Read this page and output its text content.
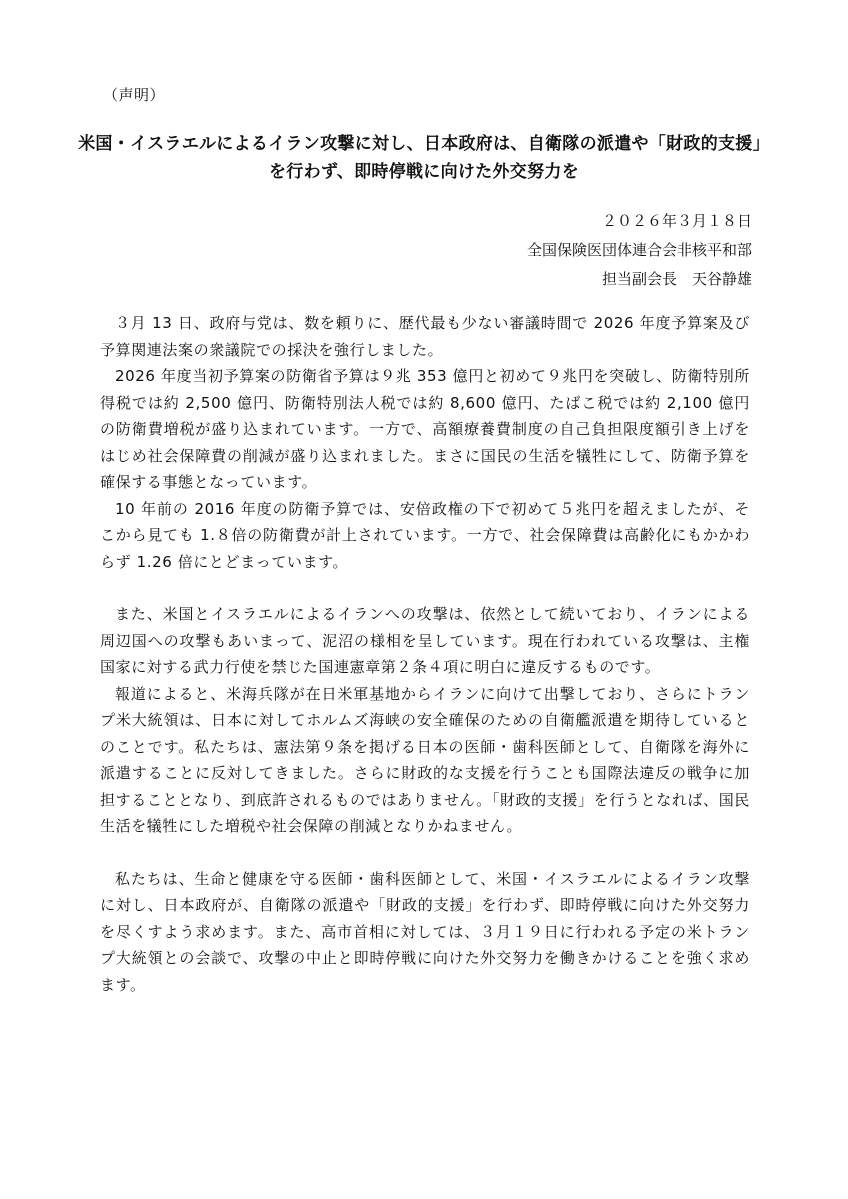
（声明）
米国・イスラエルによるイラン攻撃に対し、日本政府は、自衛隊の派遣や「財政的支援」
を行わず、即時停戦に向けた外交努力を
２０２６年３月１８日
全国保険医団体連合会非核平和部
担当副会長　天谷静雄

３月 13 日、政府与党は、数を頼りに、歴代最も少ない審議時間で 2026 年度予算案及び予算関連法案の衆議院での採決を強行しました。

2026 年度当初予算案の防衛省予算は９兆 353 億円と初めて９兆円を突破し、防衛特別所得税では約 2,500 億円、防衛特別法人税では約 8,600 億円、たばこ税では約 2,100 億円の防衛費増税が盛り込まれています。一方で、高額療養費制度の自己負担限度額引き上げをはじめ社会保障費の削減が盛り込まれました。まさに国民の生活を犠牲にして、防衛予算を確保する事態となっています。

10 年前の 2016 年度の防衛予算では、安倍政権の下で初めて５兆円を超えましたが、そこから見ても 1.８倍の防衛費が計上されています。一方で、社会保障費は高齢化にもかかわらず 1.26 倍にとどまっています。

また、米国とイスラエルによるイランへの攻撃は、依然として続いており、イランによる周辺国への攻撃もあいまって、泥沼の様相を呈しています。現在行われている攻撃は、主権国家に対する武力行使を禁じた国連憲章第２条４項に明白に違反するものです。

報道によると、米海兵隊が在日米軍基地からイランに向けて出撃しており、さらにトランプ米大統領は、日本に対してホルムズ海峡の安全確保のための自衛艦派遣を期待しているとのことです。私たちは、憲法第９条を掲げる日本の医師・歯科医師として、自衛隊を海外に派遣することに反対してきました。さらに財政的な支援を行うことも国際法違反の戦争に加担することとなり、到底許されるものではありません。「財政的支援」を行うとなれば、国民生活を犠牲にした増税や社会保障の削減となりかねません。

私たちは、生命と健康を守る医師・歯科医師として、米国・イスラエルによるイラン攻撃に対し、日本政府が、自衛隊の派遣や「財政的支援」を行わず、即時停戦に向けた外交努力を尽くすよう求めます。また、高市首相に対しては、３月１９日に行われる予定の米トランプ大統領との会談で、攻撃の中止と即時停戦に向けた外交努力を働きかけることを強く求めます。
